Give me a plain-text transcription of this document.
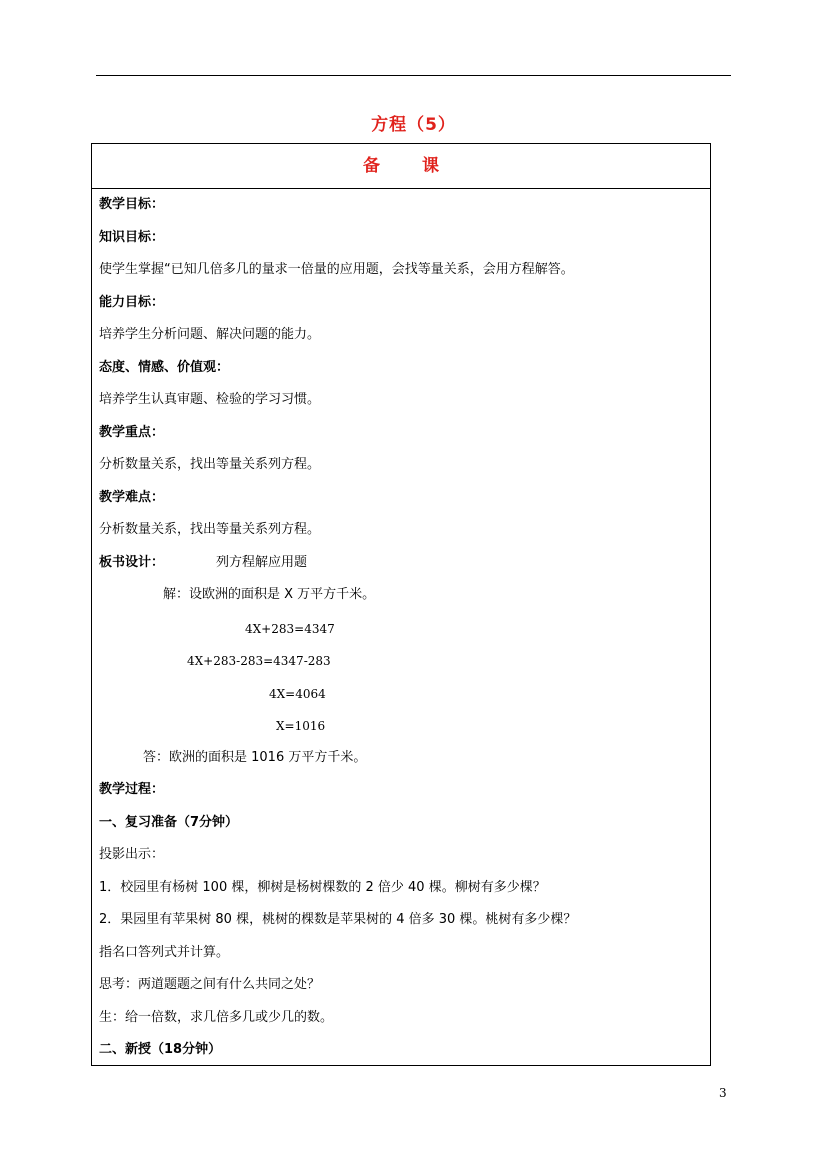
方程（5）
备课
教学目标：
知识目标：
使学生掌握“已知几倍多几的量求一倍量的应用题，会找等量关系，会用方程解答。
能力目标：
培养学生分析问题、解决问题的能力。
态度、情感、价值观：
培养学生认真审题、检验的学习习惯。
教学重点：
分析数量关系，找出等量关系列方程。
教学难点：
分析数量关系，找出等量关系列方程。
板书设计：	列方程解应用题
解：设欧洲的面积是 X 万平方千米。
4X+283=4347
4X+283-283=4347-283
4X=4064
X=1016
答：欧洲的面积是 1016 万平方千米。
教学过程：
一、复习准备（7分钟）
投影出示：
1．校园里有杨树 100 棵，柳树是杨树棵数的 2 倍少 40 棵。柳树有多少棵？
2．果园里有苹果树 80 棵，桃树的棵数是苹果树的 4 倍多 30 棵。桃树有多少棵？
指名口答列式并计算。
思考：两道题题之间有什么共同之处？
生：给一倍数，求几倍多几或少几的数。
二、新授（18分钟）
3
